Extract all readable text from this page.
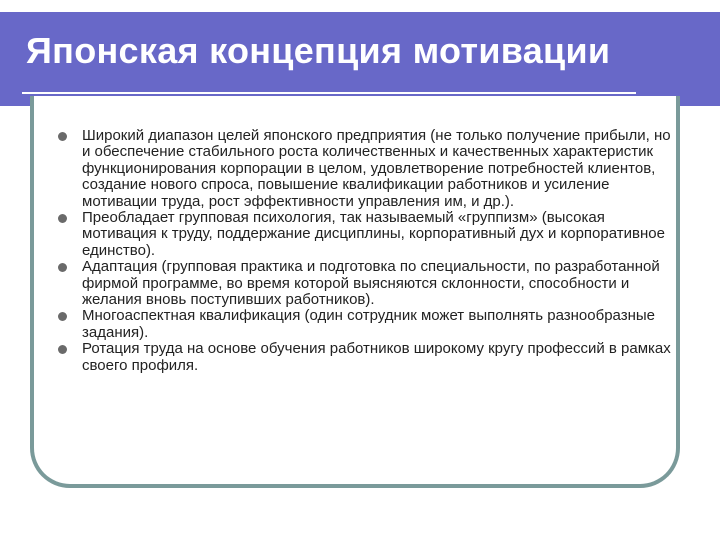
Японская концепция мотивации
Широкий диапазон целей японского предприятия (не только получение прибыли, но и обеспечение стабильного роста количественных и качественных характеристик функционирования корпорации в целом, удовлетворение потребностей клиентов, создание нового спроса, повышение квалификации работников и усиление мотивации труда, рост эффективности управления им, и др.).
Преобладает групповая психология, так называемый «группизм» (высокая мотивация к труду, поддержание дисциплины, корпоративный дух и корпоративное единство).
Адаптация (групповая практика и подготовка по специальности, по разработанной фирмой программе, во время которой выясняются склонности, способности и желания вновь поступивших работников).
Многоаспектная квалификация (один сотрудник может выполнять разнообразные задания).
Ротация труда на основе обучения работников широкому кругу профессий в рамках своего профиля.
